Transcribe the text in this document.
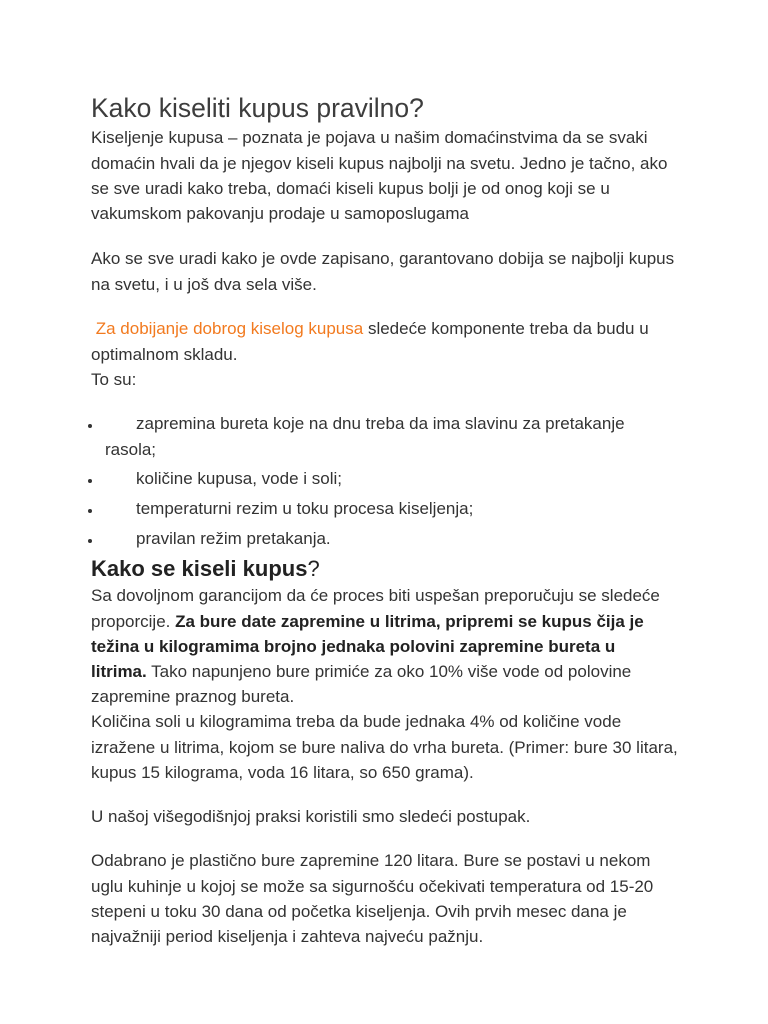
Kako kiseliti kupus pravilno?

Kiseljenje kupusa – poznata je pojava u našim domaćinstvima da se svaki
domaćin hvali da je njegov kiseli kupus najbolji na svetu. Jedno je tačno, ako
se sve uradi kako treba, domaći kiseli kupus bolji je od onog koji se u
vakumskom pakovanju prodaje u samoposlugama

Ako se sve uradi kako je ovde zapisano, garantovano dobija se najbolji kupus
na svetu, i u još dva sela više.

Za dobijanje dobrog kiselog kupusa sledeće komponente treba da budu u
optimalnom skladu.
To su:

zapremina bureta koje na dnu treba da ima slavinu za pretakanje
rasola;
količine kupusa, vode i soli;
temperaturni rezim u toku procesa kiseljenja;
pravilan režim pretakanja.
Kako se kiseli kupus?

Sa dovoljnom garancijom da će proces biti uspešan preporučuju se sledeće
proporcije. Za bure date zapremine u litrima, pripremi se kupus čija je
težina u kilogramima brojno jednaka polovini zapremine bureta u
litrima. Tako napunjeno bure primiće za oko 10% više vode od polovine
zapremine praznog bureta.
Količina soli u kilogramima treba da bude jednaka 4% od količine vode
izražene u litrima, kojom se bure naliva do vrha bureta. (Primer: bure 30 litara,
kupus 15 kilograma, voda 16 litara, so 650 grama).

U našoj višegodišnjoj praksi koristili smo sledeći postupak.

Odabrano je plastično bure zapremine 120 litara. Bure se postavi u nekom
uglu kuhinje u kojoj se može sa sigurnošću očekivati temperatura od 15-20
stepeni u toku 30 dana od početka kiseljenja. Ovih prvih mesec dana je
najvažniji period kiseljenja i zahteva najveću pažnju.
